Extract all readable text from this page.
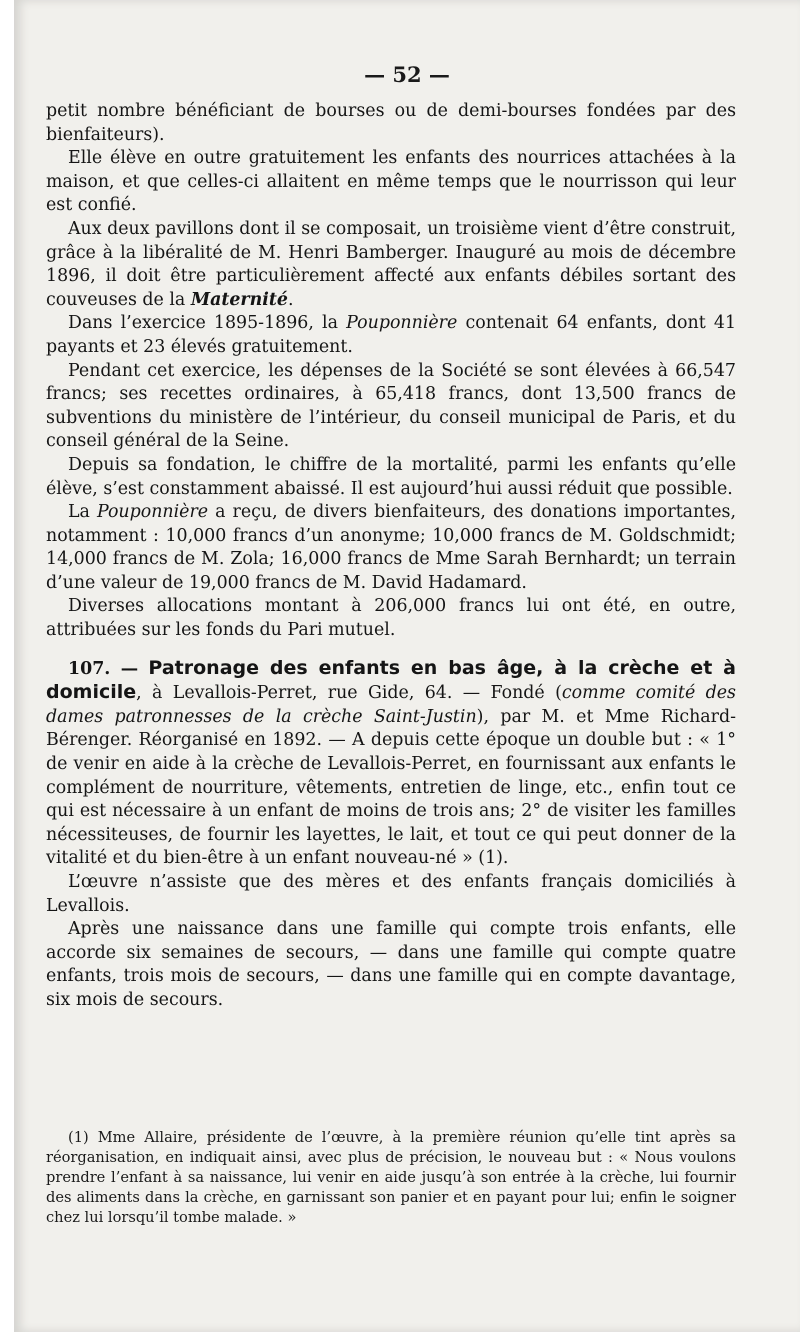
— 52 —

petit nombre bénéficiant de bourses ou de demi-bourses fondées par des bienfaiteurs).

Elle élève en outre gratuitement les enfants des nourrices attachées à la maison, et que celles-ci allaitent en même temps que le nourrisson qui leur est confié.

Aux deux pavillons dont il se composait, un troisième vient d’être construit, grâce à la libéralité de M. Henri Bamberger. Inauguré au mois de décembre 1896, il doit être particulièrement affecté aux enfants débiles sortant des couveuses de la Maternité.

Dans l’exercice 1895-1896, la Pouponnière contenait 64 enfants, dont 41 payants et 23 élevés gratuitement.

Pendant cet exercice, les dépenses de la Société se sont élevées à 66,547 francs; ses recettes ordinaires, à 65,418 francs, dont 13,500 francs de subventions du ministère de l’intérieur, du conseil municipal de Paris, et du conseil général de la Seine.

Depuis sa fondation, le chiffre de la mortalité, parmi les enfants qu’elle élève, s’est constamment abaissé. Il est aujourd’hui aussi réduit que possible.

La Pouponnière a reçu, de divers bienfaiteurs, des donations importantes, notamment : 10,000 francs d’un anonyme; 10,000 francs de M. Goldschmidt; 14,000 francs de M. Zola; 16,000 francs de Mme Sarah Bernhardt; un terrain d’une valeur de 19,000 francs de M. David Hadamard.

Diverses allocations montant à 206,000 francs lui ont été, en outre, attribuées sur les fonds du Pari mutuel.

107. — Patronage des enfants en bas âge, à la crèche et à domicile, à Levallois-Perret, rue Gide, 64. — Fondé (comme comité des dames patronnesses de la crèche Saint-Justin), par M. et Mme Richard-Bérenger. Réorganisé en 1892. — A depuis cette époque un double but : « 1° de venir en aide à la crèche de Levallois-Perret, en fournissant aux enfants le complément de nourriture, vêtements, entretien de linge, etc., enfin tout ce qui est nécessaire à un enfant de moins de trois ans; 2° de visiter les familles nécessiteuses, de fournir les layettes, le lait, et tout ce qui peut donner de la vitalité et du bien-être à un enfant nouveau-né » (1).

L’œuvre n’assiste que des mères et des enfants français domiciliés à Levallois.

Après une naissance dans une famille qui compte trois enfants, elle accorde six semaines de secours, — dans une famille qui compte quatre enfants, trois mois de secours, — dans une famille qui en compte davantage, six mois de secours.

(1) Mme Allaire, présidente de l’œuvre, à la première réunion qu’elle tint après sa réorganisation, en indiquait ainsi, avec plus de précision, le nouveau but : « Nous voulons prendre l’enfant à sa naissance, lui venir en aide jusqu’à son entrée à la crèche, lui fournir des aliments dans la crèche, en garnissant son panier et en payant pour lui; enfin le soigner chez lui lorsqu’il tombe malade. »
